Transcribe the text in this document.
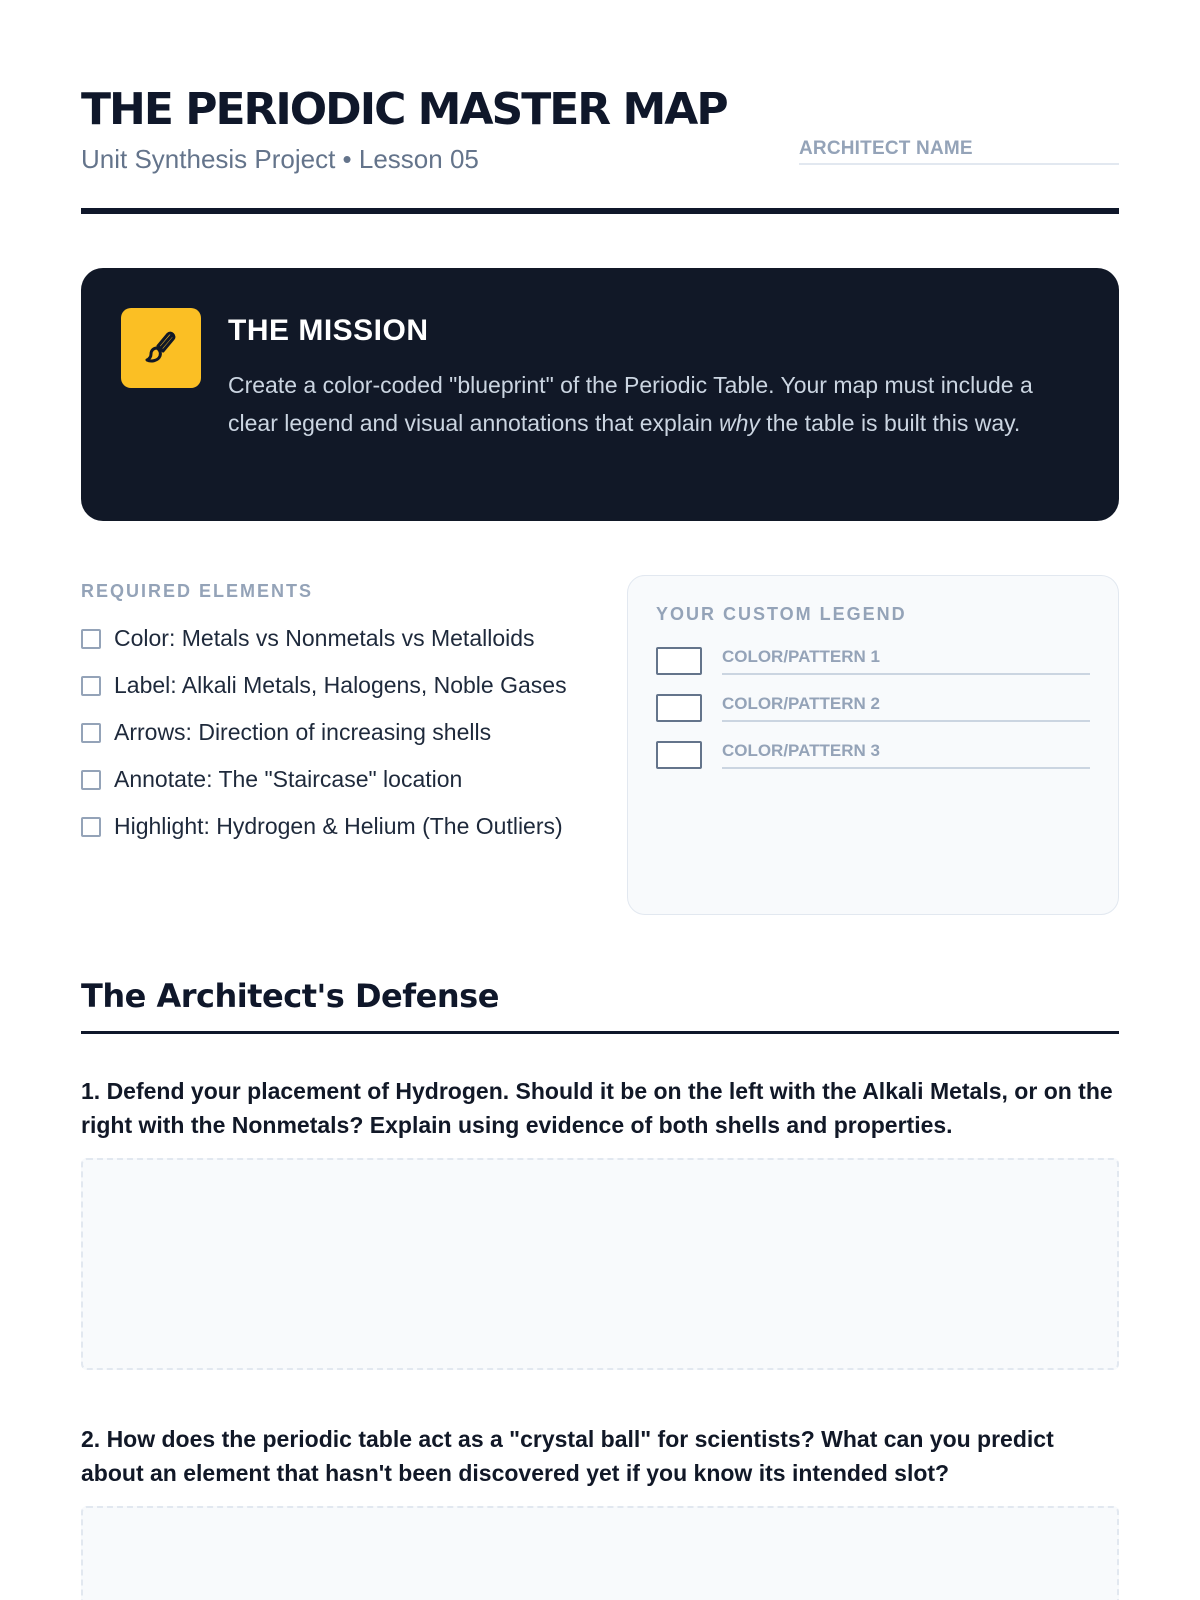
THE PERIODIC MASTER MAP
Unit Synthesis Project • Lesson 05	ARCHITECT NAME
THE MISSION

Create a color-coded "blueprint" of the Periodic Table. Your map must include a clear legend and visual annotations that explain why the table is built this way.

REQUIRED ELEMENTS
Color: Metals vs Nonmetals vs Metalloids
Label: Alkali Metals, Halogens, Noble Gases
Arrows: Direction of increasing shells
Annotate: The "Staircase" location
Highlight: Hydrogen & Helium (The Outliers)
YOUR CUSTOM LEGEND
COLOR/PATTERN 1
COLOR/PATTERN 2
COLOR/PATTERN 3
The Architect's Defense

1. Defend your placement of Hydrogen. Should it be on the left with the Alkali Metals, or on the right with the Nonmetals? Explain using evidence of both shells and properties.

2. How does the periodic table act as a "crystal ball" for scientists? What can you predict about an element that hasn't been discovered yet if you know its intended slot?
